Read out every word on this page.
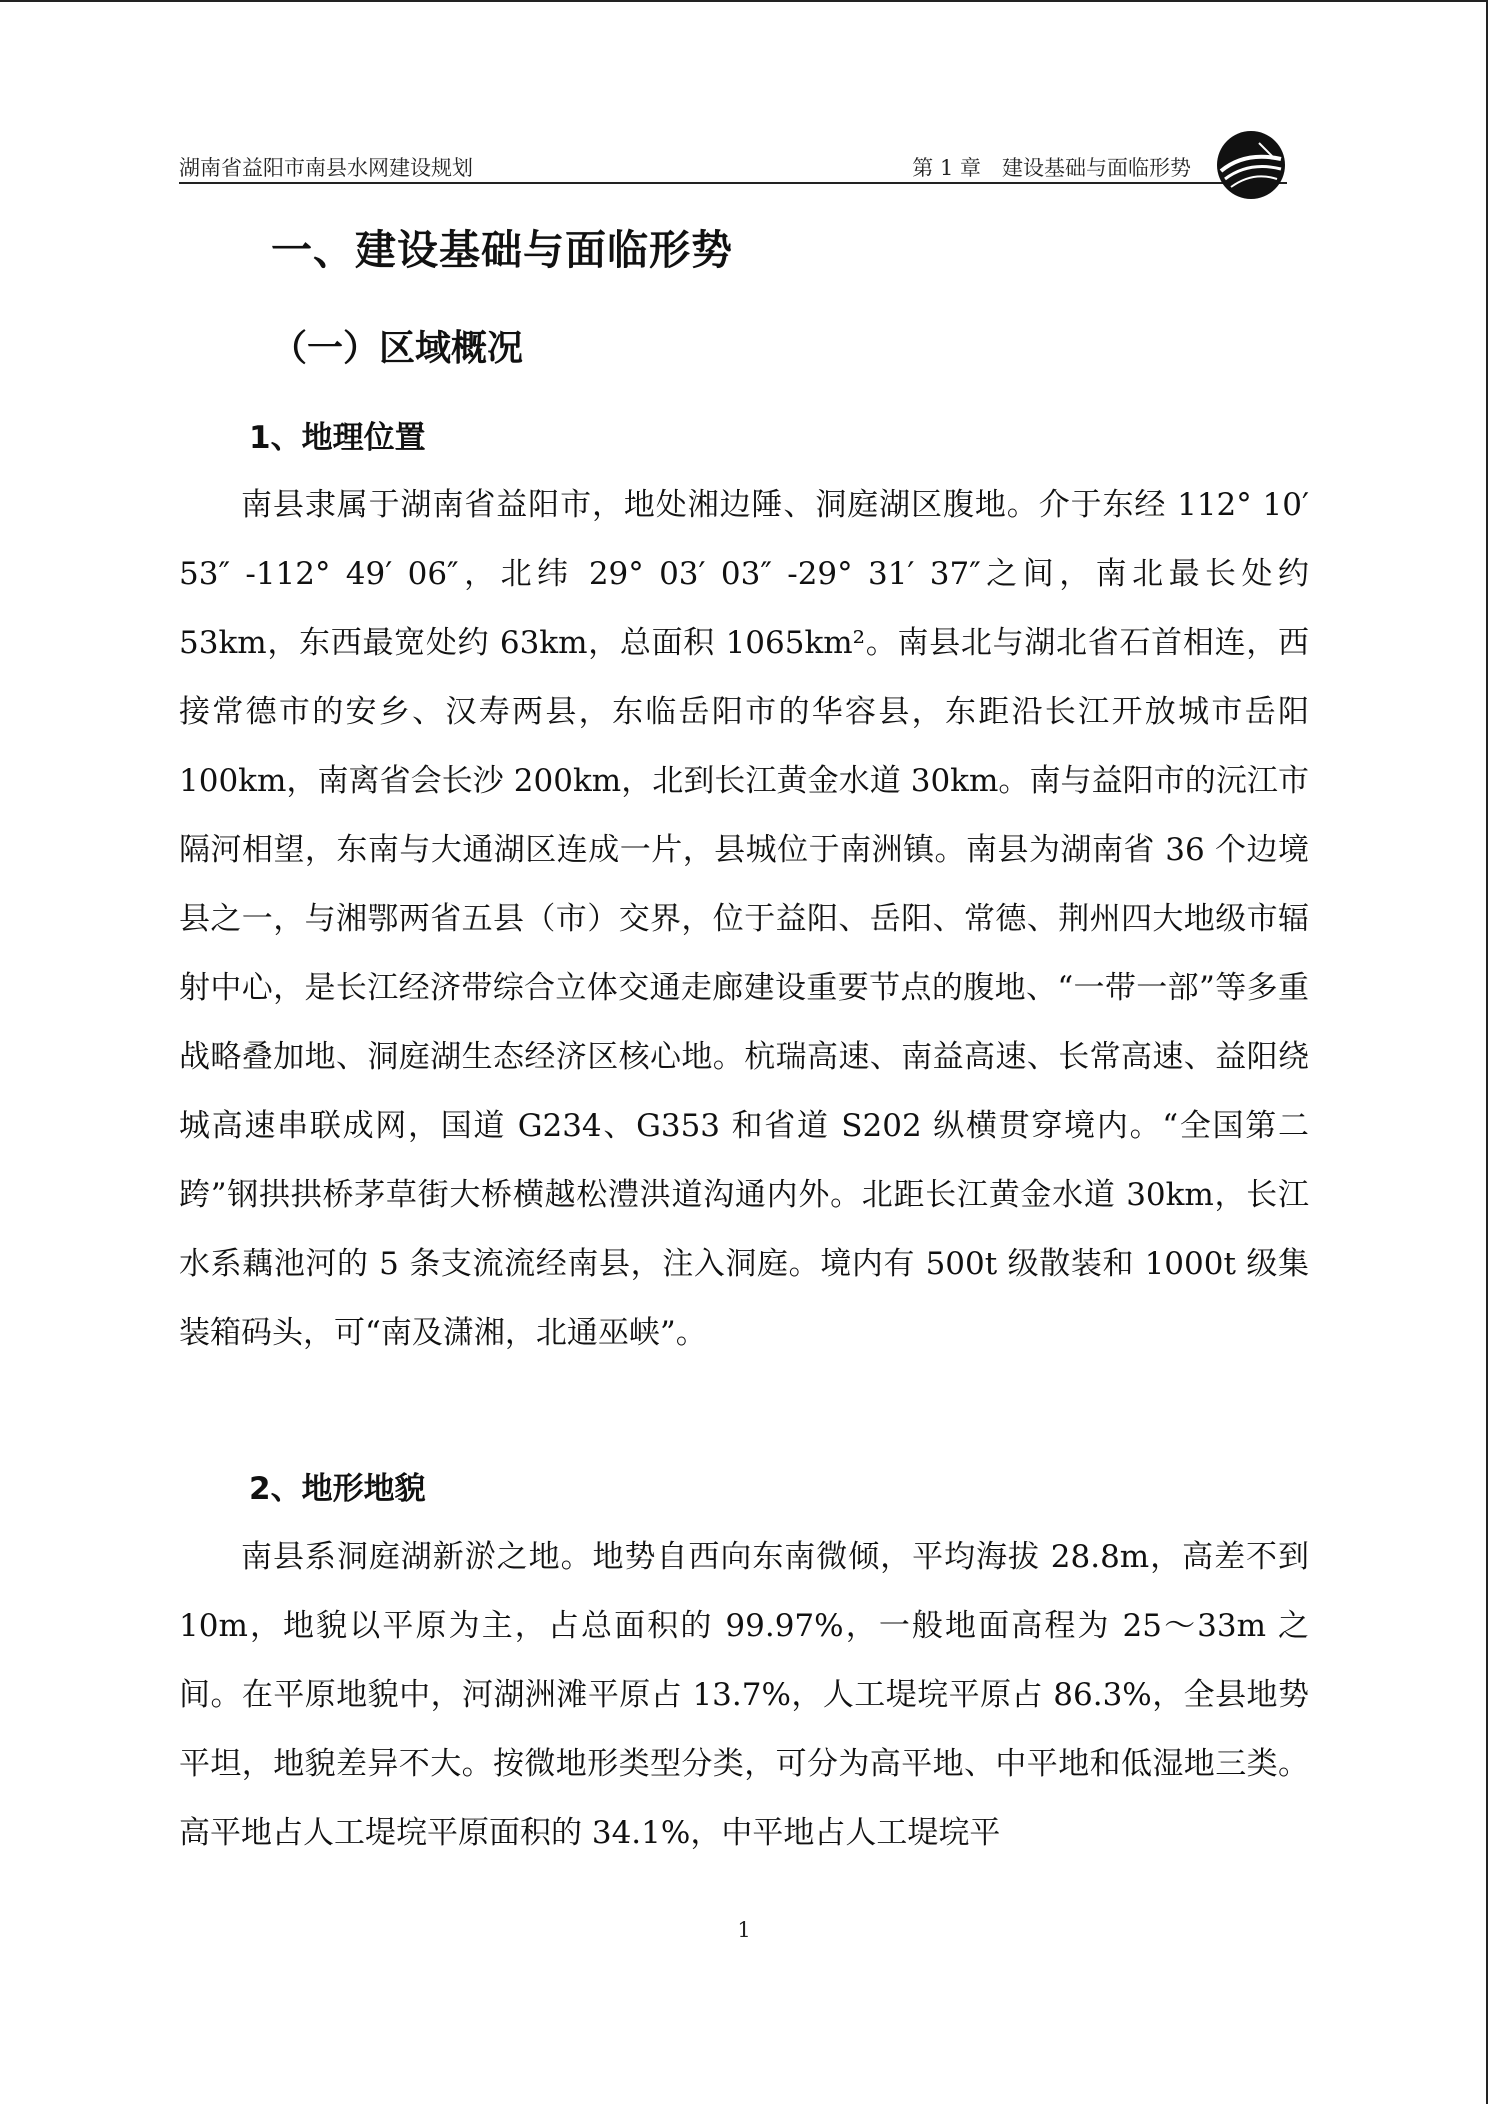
湖南省益阳市南县水网建设规划	第 1 章　建设基础与面临形势
一、建设基础与面临形势
（一）区域概况
1、地理位置

南县隶属于湖南省益阳市，地处湘边陲、洞庭湖区腹地。介于东经 112° 10′ 53″ -112° 49′ 06″，北纬 29° 03′ 03″ -29° 31′ 37″之间，南北最长处约 53km，东西最宽处约 63km，总面积 1065km²。南县北与湖北省石首相连，西接常德市的安乡、汉寿两县，东临岳阳市的华容县，东距沿长江开放城市岳阳 100km，南离省会长沙 200km，北到长江黄金水道 30km。南与益阳市的沅江市隔河相望，东南与大通湖区连成一片，县城位于南洲镇。南县为湖南省 36 个边境县之一，与湘鄂两省五县（市）交界，位于益阳、岳阳、常德、荆州四大地级市辐射中心，是长江经济带综合立体交通走廊建设重要节点的腹地、“一带一部”等多重战略叠加地、洞庭湖生态经济区核心地。杭瑞高速、南益高速、长常高速、益阳绕城高速串联成网，国道 G234、G353 和省道 S202 纵横贯穿境内。“全国第二跨”钢拱拱桥茅草街大桥横越松澧洪道沟通内外。北距长江黄金水道 30km，长江水系藕池河的 5 条支流流经南县，注入洞庭。境内有 500t 级散装和 1000t 级集装箱码头，可“南及潇湘，北通巫峡”。

2、地形地貌

南县系洞庭湖新淤之地。地势自西向东南微倾，平均海拔 28.8m，高差不到 10m，地貌以平原为主，占总面积的 99.97%，一般地面高程为 25～33m 之间。在平原地貌中，河湖洲滩平原占 13.7%，人工堤垸平原占 86.3%，全县地势平坦，地貌差异不大。按微地形类型分类，可分为高平地、中平地和低湿地三类。高平地占人工堤垸平原面积的 34.1%，中平地占人工堤垸平

1
